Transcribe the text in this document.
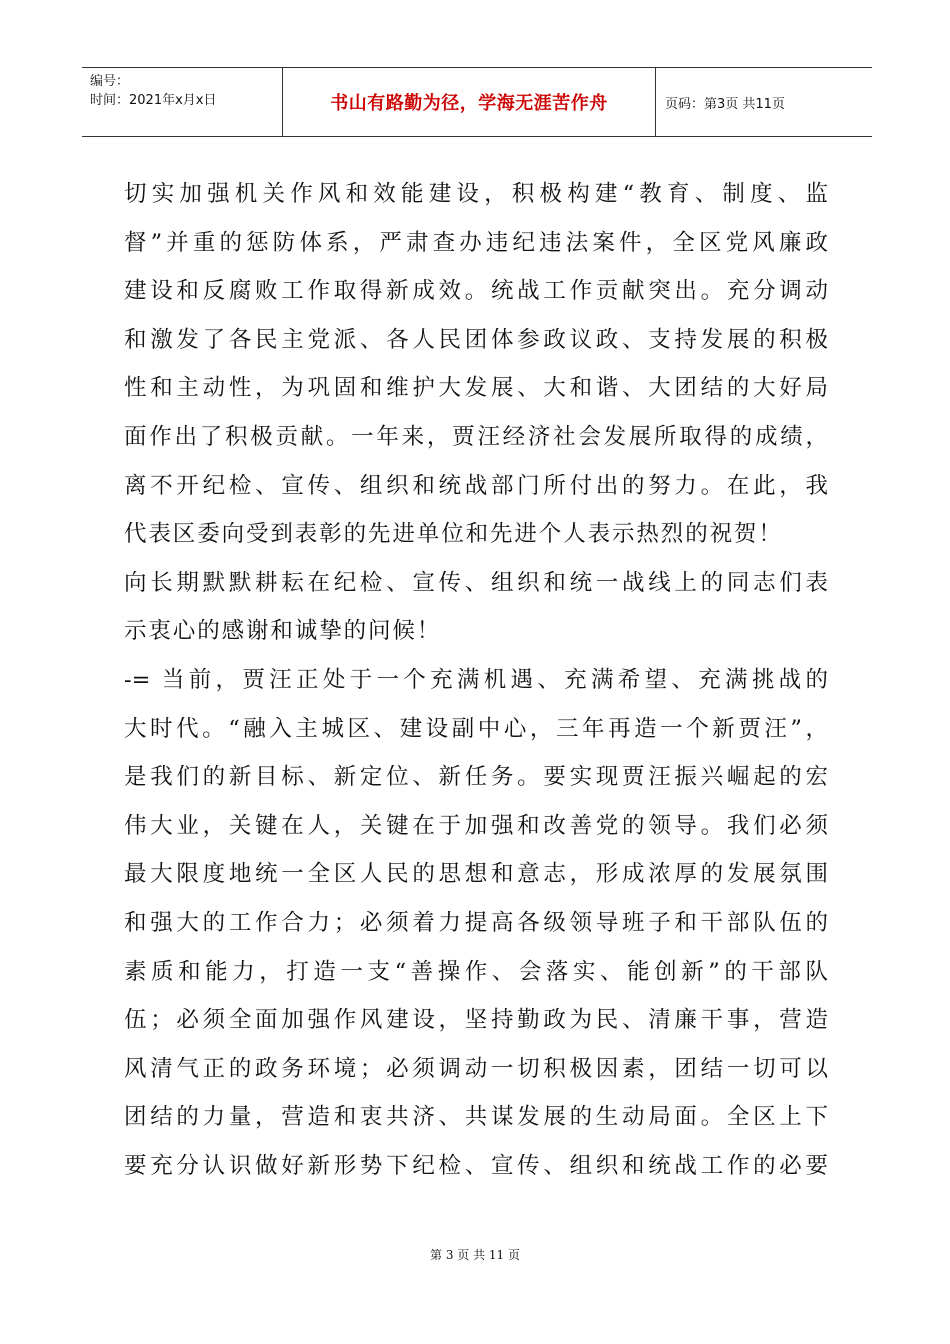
编号：
时间：2021年x月x日	书山有路勤为径，学海无涯苦作舟	页码：第3页 共11页
切实加强机关作风和效能建设，积极构建“教育、制度、监
督”并重的惩防体系，严肃查办违纪违法案件，全区党风廉政
建设和反腐败工作取得新成效。统战工作贡献突出。充分调动
和激发了各民主党派、各人民团体参政议政、支持发展的积极
性和主动性，为巩固和维护大发展、大和谐、大团结的大好局
面作出了积极贡献。一年来，贾汪经济社会发展所取得的成绩，
离不开纪检、宣传、组织和统战部门所付出的努力。在此，我
代表区委向受到表彰的先进单位和先进个人表示热烈的祝贺！
向长期默默耕耘在纪检、宣传、组织和统一战线上的同志们表
示衷心的感谢和诚挚的问候！
-= 当前，贾汪正处于一个充满机遇、充满希望、充满挑战的
大时代。“融入主城区、建设副中心，三年再造一个新贾汪”，
是我们的新目标、新定位、新任务。要实现贾汪振兴崛起的宏
伟大业，关键在人，关键在于加强和改善党的领导。我们必须
最大限度地统一全区人民的思想和意志，形成浓厚的发展氛围
和强大的工作合力；必须着力提高各级领导班子和干部队伍的
素质和能力，打造一支“善操作、会落实、能创新”的干部队
伍；必须全面加强作风建设，坚持勤政为民、清廉干事，营造
风清气正的政务环境；必须调动一切积极因素，团结一切可以
团结的力量，营造和衷共济、共谋发展的生动局面。全区上下
要充分认识做好新形势下纪检、宣传、组织和统战工作的必要
第 3 页 共 11 页
